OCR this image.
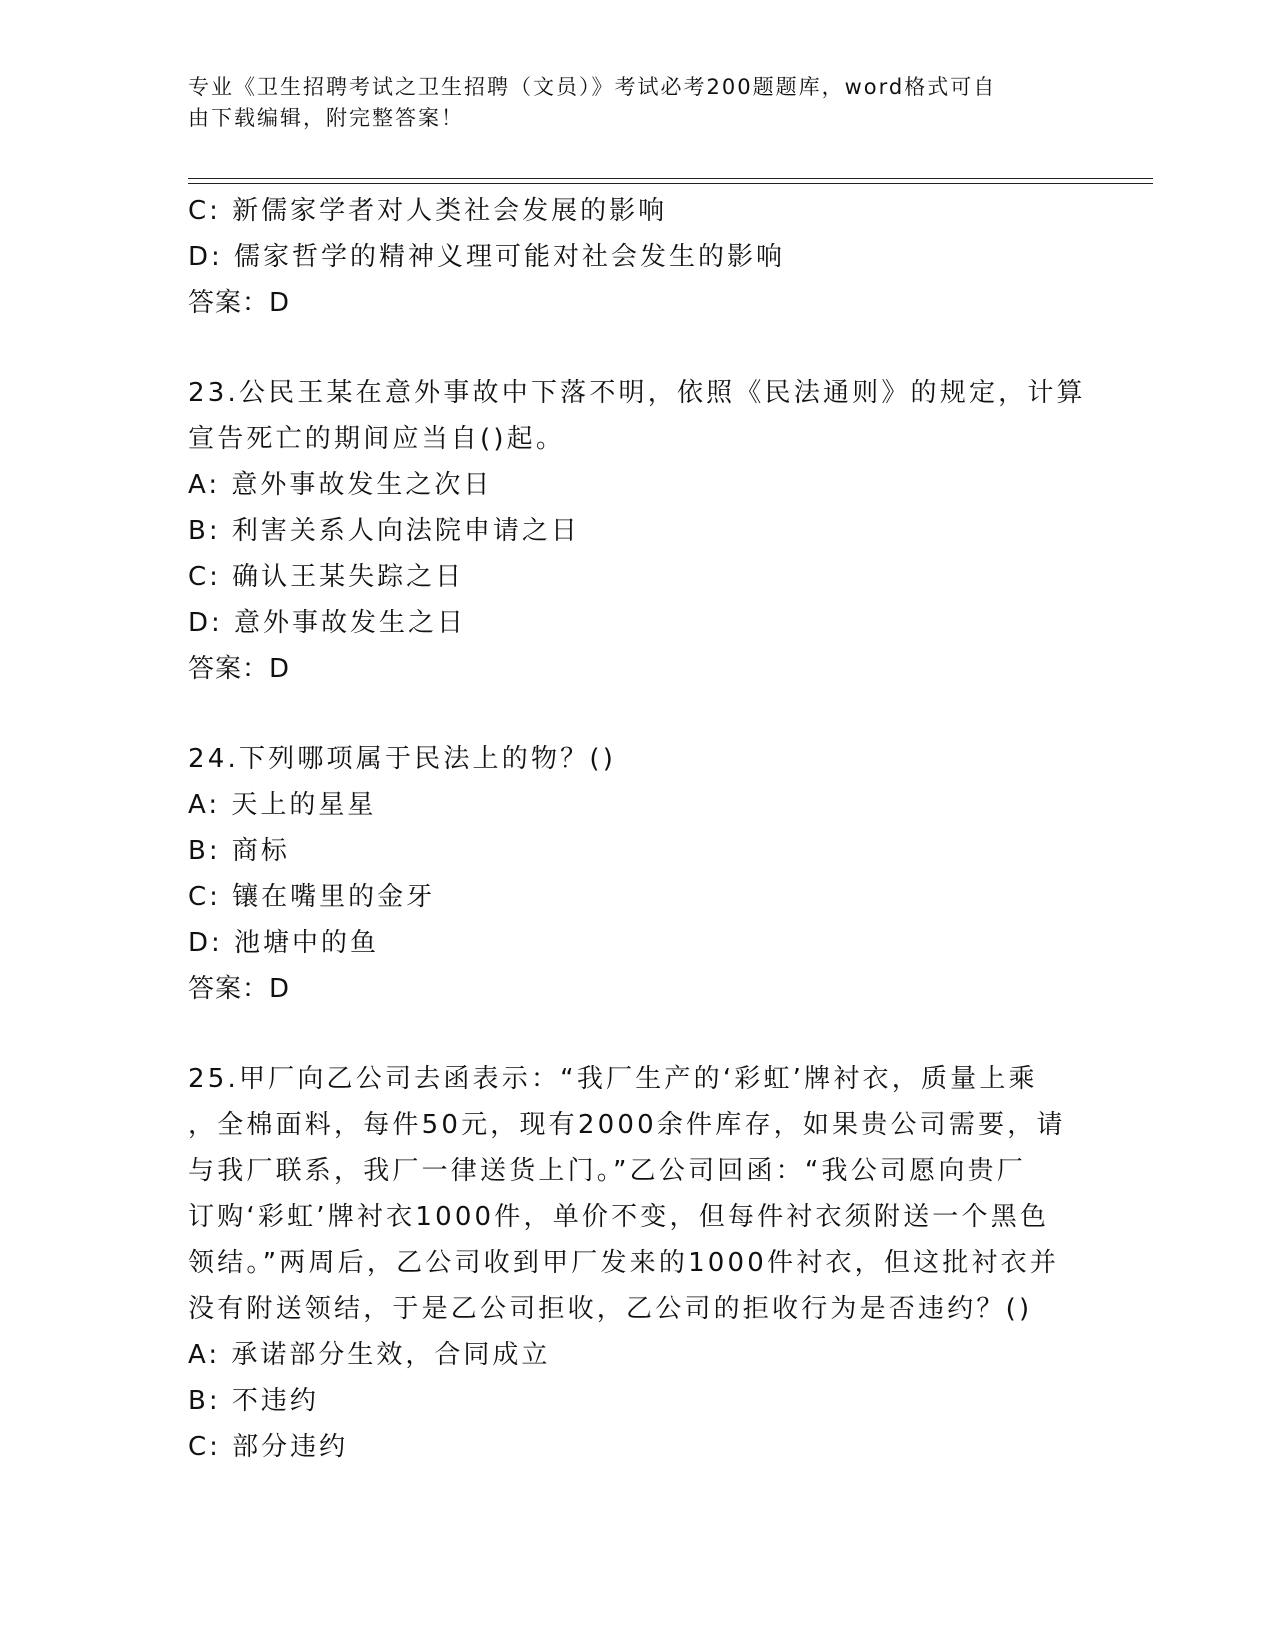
专业《卫生招聘考试之卫生招聘（文员）》考试必考200题题库，word格式可自
由下载编辑，附完整答案！
C: 新儒家学者对人类社会发展的影响
D: 儒家哲学的精神义理可能对社会发生的影响
答案：D
23.公民王某在意外事故中下落不明，依照《民法通则》的规定，计算
宣告死亡的期间应当自()起。
A: 意外事故发生之次日
B: 利害关系人向法院申请之日
C: 确认王某失踪之日
D: 意外事故发生之日
答案：D
24.下列哪项属于民法上的物？()
A: 天上的星星
B: 商标
C: 镶在嘴里的金牙
D: 池塘中的鱼
答案：D
25.甲厂向乙公司去函表示：“我厂生产的‘彩虹’牌衬衣，质量上乘
，全棉面料，每件50元，现有2000余件库存，如果贵公司需要，请
与我厂联系，我厂一律送货上门。”乙公司回函：“我公司愿向贵厂
订购‘彩虹’牌衬衣1000件，单价不变，但每件衬衣须附送一个黑色
领结。”两周后，乙公司收到甲厂发来的1000件衬衣，但这批衬衣并
没有附送领结，于是乙公司拒收，乙公司的拒收行为是否违约？()
A: 承诺部分生效，合同成立
B: 不违约
C: 部分违约
